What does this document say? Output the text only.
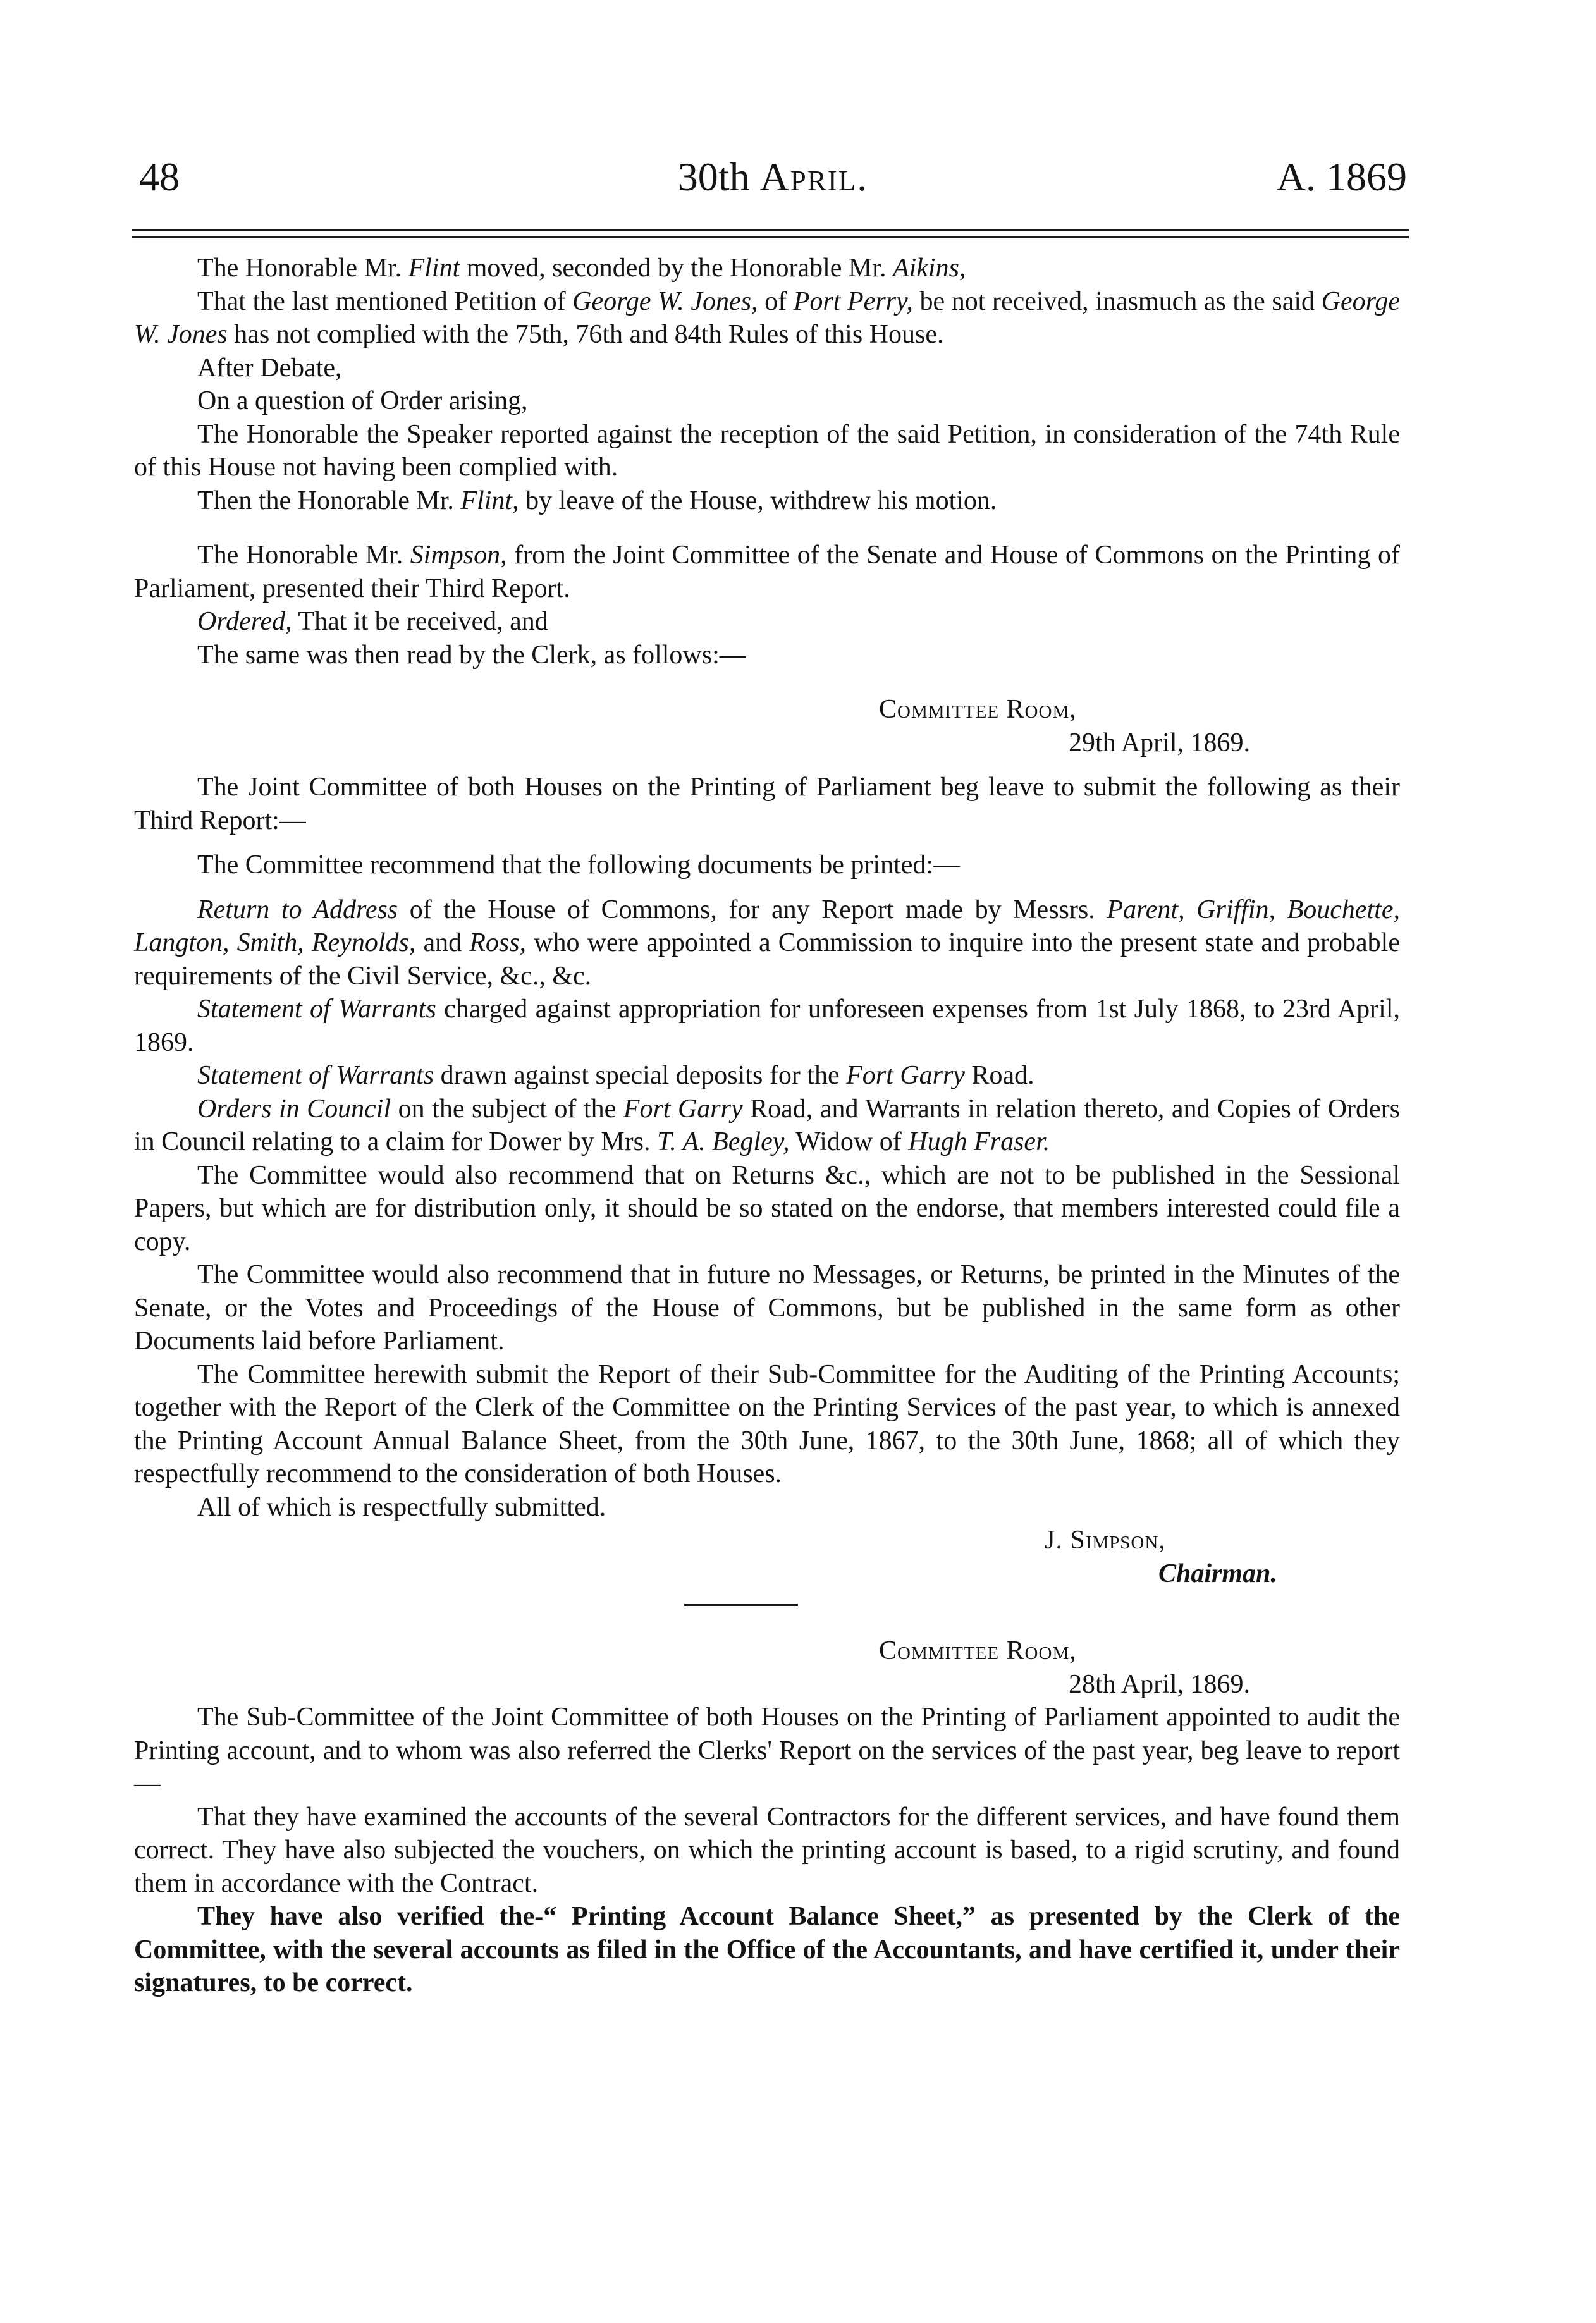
48	30th April.	A. 1869

The Honorable Mr. Flint moved, seconded by the Honorable Mr. Aikins,

That the last mentioned Petition of George W. Jones, of Port Perry, be not received, inasmuch as the said George W. Jones has not complied with the 75th, 76th and 84th Rules of this House.

After Debate,

On a question of Order arising,

The Honorable the Speaker reported against the reception of the said Petition, in consideration of the 74th Rule of this House not having been complied with.

Then the Honorable Mr. Flint, by leave of the House, withdrew his motion.

The Honorable Mr. Simpson, from the Joint Committee of the Senate and House of Commons on the Printing of Parliament, presented their Third Report.

Ordered, That it be received, and

The same was then read by the Clerk, as follows:—

Committee Room,
29th April, 1869.

The Joint Committee of both Houses on the Printing of Parliament beg leave to submit the following as their Third Report:—

The Committee recommend that the following documents be printed:—

Return to Address of the House of Commons, for any Report made by Messrs. Parent, Griffin, Bouchette, Langton, Smith, Reynolds, and Ross, who were appointed a Commission to inquire into the present state and probable requirements of the Civil Service, &c., &c.

Statement of Warrants charged against appropriation for unforeseen expenses from 1st July 1868, to 23rd April, 1869.

Statement of Warrants drawn against special deposits for the Fort Garry Road.

Orders in Council on the subject of the Fort Garry Road, and Warrants in relation thereto, and Copies of Orders in Council relating to a claim for Dower by Mrs. T. A. Begley, Widow of Hugh Fraser.

The Committee would also recommend that on Returns &c., which are not to be published in the Sessional Papers, but which are for distribution only, it should be so stated on the endorse, that members interested could file a copy.

The Committee would also recommend that in future no Messages, or Returns, be printed in the Minutes of the Senate, or the Votes and Proceedings of the House of Commons, but be published in the same form as other Documents laid before Parliament.

The Committee herewith submit the Report of their Sub-Committee for the Auditing of the Printing Accounts; together with the Report of the Clerk of the Committee on the Printing Services of the past year, to which is annexed the Printing Account Annual Balance Sheet, from the 30th June, 1867, to the 30th June, 1868; all of which they respectfully recommend to the consideration of both Houses.

All of which is respectfully submitted.

J. Simpson,
Chairman.
Committee Room,
28th April, 1869.

The Sub-Committee of the Joint Committee of both Houses on the Printing of Parliament appointed to audit the Printing account, and to whom was also referred the Clerks' Report on the services of the past year, beg leave to report—

That they have examined the accounts of the several Contractors for the different services, and have found them correct. They have also subjected the vouchers, on which the printing account is based, to a rigid scrutiny, and found them in accordance with the Contract.

They have also verified the-“ Printing Account Balance Sheet,” as presented by the Clerk of the Committee, with the several accounts as filed in the Office of the Accountants, and have certified it, under their signatures, to be correct.
